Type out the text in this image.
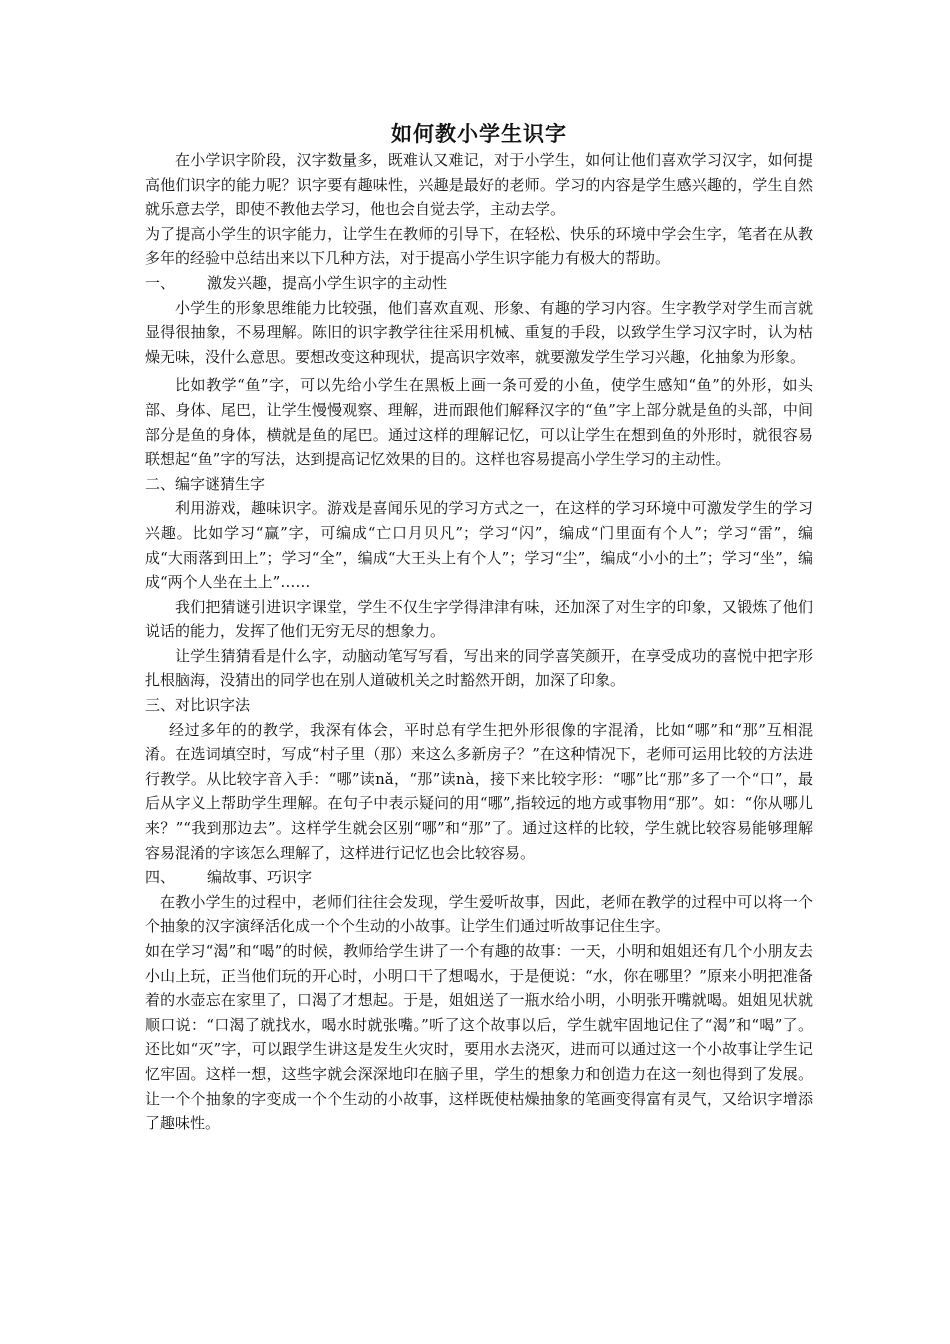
如何教小学生识字

在小学识字阶段，汉字数量多，既难认又难记，对于小学生，如何让他们喜欢学习汉字，如何提高他们识字的能力呢？识字要有趣味性，兴趣是最好的老师。学习的内容是学生感兴趣的，学生自然就乐意去学，即使不教他去学习，他也会自觉去学，主动去学。

为了提高小学生的识字能力，让学生在教师的引导下，在轻松、快乐的环境中学会生字，笔者在从教多年的经验中总结出来以下几种方法，对于提高小学生识字能力有极大的帮助。

一、	激发兴趣，提高小学生识字的主动性

小学生的形象思维能力比较强，他们喜欢直观、形象、有趣的学习内容。生字教学对学生而言就显得很抽象，不易理解。陈旧的识字教学往往采用机械、重复的手段，以致学生学习汉字时，认为枯燥无味，没什么意思。要想改变这种现状，提高识字效率，就要激发学生学习兴趣，化抽象为形象。

比如教学“鱼”字，可以先给小学生在黑板上画一条可爱的小鱼，使学生感知“鱼”的外形，如头部、身体、尾巴，让学生慢慢观察、理解，进而跟他们解释汉字的“鱼”字上部分就是鱼的头部，中间部分是鱼的身体，横就是鱼的尾巴。通过这样的理解记忆，可以让学生在想到鱼的外形时，就很容易联想起“鱼”字的写法，达到提高记忆效果的目的。这样也容易提高小学生学习的主动性。

二、 编字谜猜生字

利用游戏，趣味识字。游戏是喜闻乐见的学习方式之一，在这样的学习环境中可激发学生的学习兴趣。比如学习“赢”字，可编成“亡口月贝凡”；学习“闪”，编成“门里面有个人”；学习“雷”，编成“大雨落到田上”；学习“全”，编成“大王头上有个人”；学习“尘”，编成“小小的土”；学习“坐”，编成“两个人坐在土上”……

我们把猜谜引进识字课堂，学生不仅生字学得津津有味，还加深了对生字的印象，又锻炼了他们说话的能力，发挥了他们无穷无尽的想象力。

让学生猜猜看是什么字，动脑动笔写写看，写出来的同学喜笑颜开，在享受成功的喜悦中把字形扎根脑海，没猜出的同学也在别人道破机关之时豁然开朗，加深了印象。

三、 对比识字法

经过多年的的教学，我深有体会，平时总有学生把外形很像的字混淆，比如“哪”和“那”互相混淆。在选词填空时，写成“村子里（那）来这么多新房子？”在这种情况下，老师可运用比较的方法进行教学。从比较字音入手：“哪”读nǎ，“那”读nà，接下来比较字形：“哪”比“那”多了一个“口”，最后从字义上帮助学生理解。在句子中表示疑问的用“哪”,指较远的地方或事物用“那”。如：“你从哪儿来？”“我到那边去”。这样学生就会区别“哪”和“那”了。通过这样的比较，学生就比较容易能够理解容易混淆的字该怎么理解了，这样进行记忆也会比较容易。

四、	编故事、巧识字

在教小学生的过程中，老师们往往会发现，学生爱听故事，因此，老师在教学的过程中可以将一个个抽象的汉字演绎活化成一个个生动的小故事。让学生们通过听故事记住生字。

如在学习“渴”和“喝”的时候，教师给学生讲了一个有趣的故事：一天，小明和姐姐还有几个小朋友去小山上玩，正当他们玩的开心时，小明口干了想喝水，于是便说：“水，你在哪里？”原来小明把准备着的水壶忘在家里了，口渴了才想起。于是，姐姐送了一瓶水给小明，小明张开嘴就喝。姐姐见状就顺口说：“口渴了就找水，喝水时就张嘴。”听了这个故事以后，学生就牢固地记住了“渴”和“喝”了。还比如“灭”字，可以跟学生讲这是发生火灾时，要用水去浇灭，进而可以通过这一个小故事让学生记忆牢固。这样一想，这些字就会深深地印在脑子里，学生的想象力和创造力在这一刻也得到了发展。让一个个抽象的字变成一个个生动的小故事，这样既使枯燥抽象的笔画变得富有灵气，又给识字增添了趣味性。
